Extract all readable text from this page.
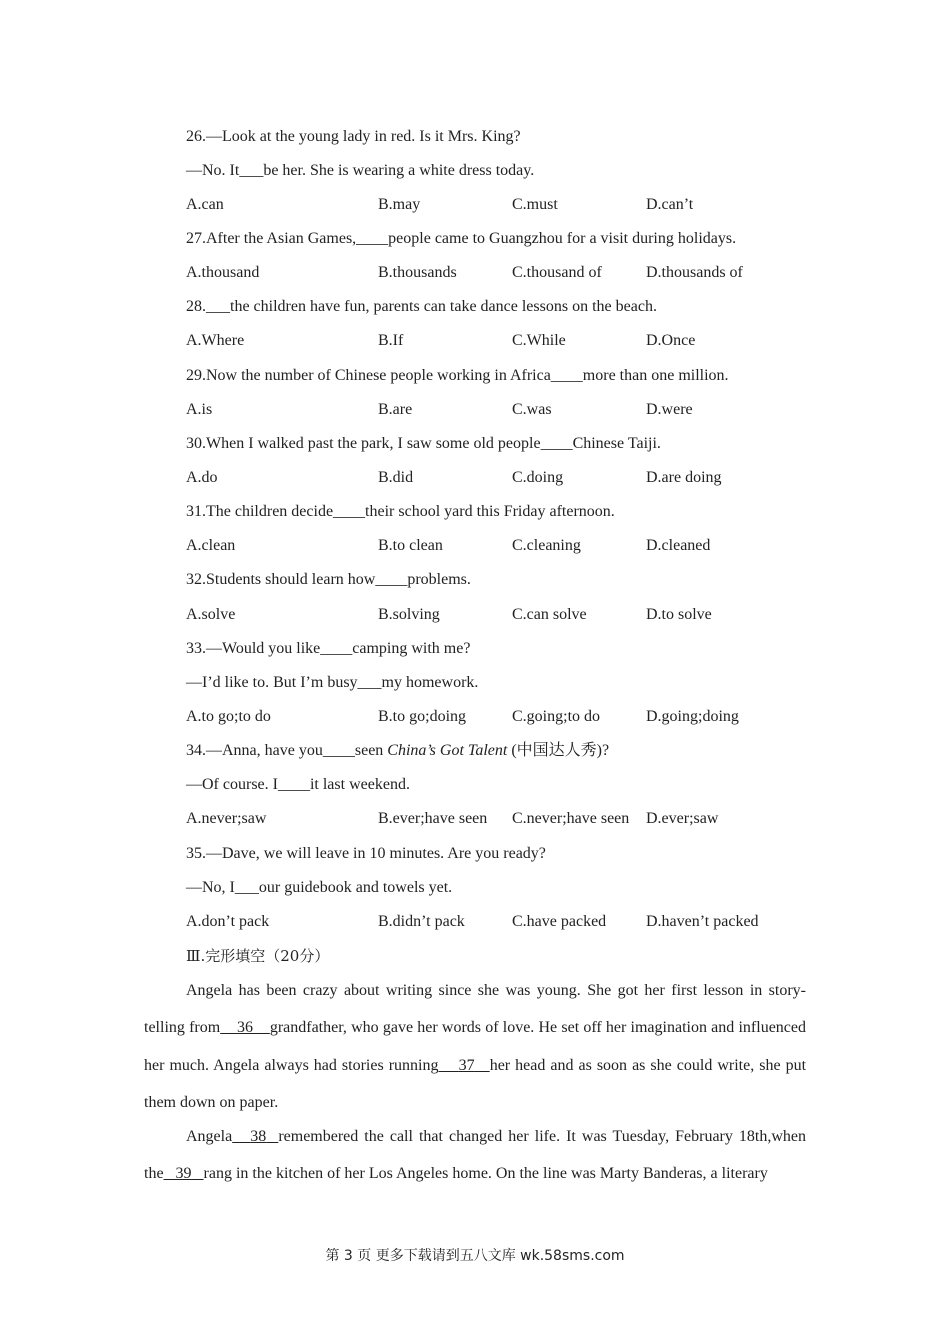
26.—Look at the young lady in red. Is it Mrs. King?
—No. It___be her. She is wearing a white dress today.
A.can	B.may	C.must	D.can’t
27.After the Asian Games,____people came to Guangzhou for a visit during holidays.
A.thousand	B.thousands	C.thousand of	D.thousands of
28.___the children have fun, parents can take dance lessons on the beach.
A.Where	B.If	C.While	D.Once
29.Now the number of Chinese people working in Africa____more than one million.
A.is	B.are	C.was	D.were
30.When I walked past the park, I saw some old people____Chinese Taiji.
A.do	B.did	C.doing	D.are doing
31.The children decide____their school yard this Friday afternoon.
A.clean	B.to clean	C.cleaning	D.cleaned
32.Students should learn how____problems.
A.solve	B.solving	C.can solve	D.to solve
33.—Would you like____camping with me?
—I’d like to. But I’m busy___my homework.
A.to go;to do	B.to go;doing	C.going;to do	D.going;doing
34.—Anna, have you____seen China’s Got Talent (中国达人秀)?
—Of course. I____it last weekend.
A.never;saw	B.ever;have seen C.never;have seen D.ever;saw
35.—Dave, we will leave in 10 minutes. Are you ready?
—No, I___our guidebook and towels yet.
A.don’t pack	B.didn’t pack	C.have packed D.haven’t packed
Ⅲ.完形填空（20分）
Angela has been crazy about writing since she was young. She got her first lesson in story-telling from 36 grandfather, who gave her words of love. He set off her imagination and influenced her much. Angela always had stories running 37 her head and as soon as she could write, she put them down on paper.
Angela 38 remembered the call that changed her life. It was Tuesday, February 18th,when the 39 rang in the kitchen of her Los Angeles home. On the line was Marty Banderas, a literary
第 3 页 更多下载请到五八文库 wk.58sms.com
